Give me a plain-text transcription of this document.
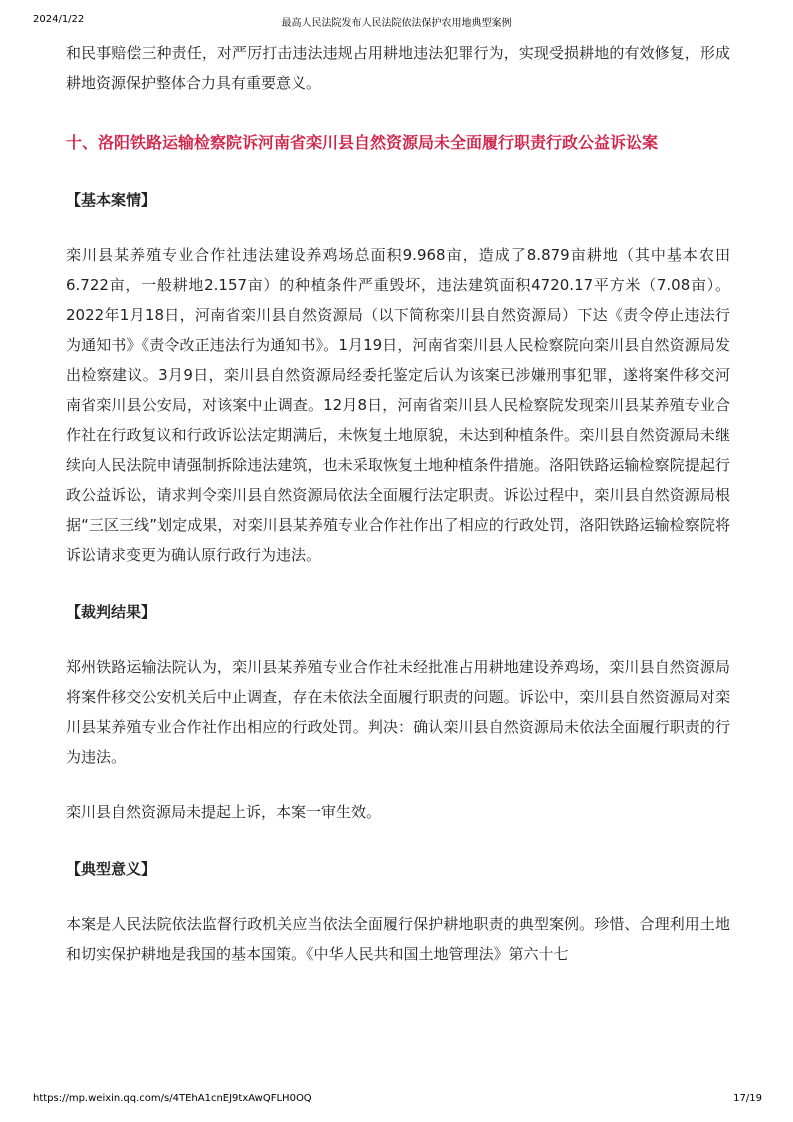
2024/1/22	最高人民法院发布人民法院依法保护农用地典型案例

和民事赔偿三种责任，对严厉打击违法违规占用耕地违法犯罪行为，实现受损耕地的有效修复，形成耕地资源保护整体合力具有重要意义。

十、洛阳铁路运输检察院诉河南省栾川县自然资源局未全面履行职责行政公益诉讼案

【基本案情】

栾川县某养殖专业合作社违法建设养鸡场总面积9.968亩，造成了8.879亩耕地（其中基本农田6.722亩，一般耕地2.157亩）的种植条件严重毁坏，违法建筑面积4720.17平方米（7.08亩）。2022年1月18日，河南省栾川县自然资源局（以下简称栾川县自然资源局）下达《责令停止违法行为通知书》《责令改正违法行为通知书》。1月19日，河南省栾川县人民检察院向栾川县自然资源局发出检察建议。3月9日，栾川县自然资源局经委托鉴定后认为该案已涉嫌刑事犯罪，遂将案件移交河南省栾川县公安局，对该案中止调查。12月8日，河南省栾川县人民检察院发现栾川县某养殖专业合作社在行政复议和行政诉讼法定期满后，未恢复土地原貌，未达到种植条件。栾川县自然资源局未继续向人民法院申请强制拆除违法建筑，也未采取恢复土地种植条件措施。洛阳铁路运输检察院提起行政公益诉讼，请求判令栾川县自然资源局依法全面履行法定职责。诉讼过程中，栾川县自然资源局根据“三区三线”划定成果，对栾川县某养殖专业合作社作出了相应的行政处罚，洛阳铁路运输检察院将诉讼请求变更为确认原行政行为违法。

【裁判结果】

郑州铁路运输法院认为，栾川县某养殖专业合作社未经批准占用耕地建设养鸡场，栾川县自然资源局将案件移交公安机关后中止调查，存在未依法全面履行职责的问题。诉讼中，栾川县自然资源局对栾川县某养殖专业合作社作出相应的行政处罚。判决：确认栾川县自然资源局未依法全面履行职责的行为违法。

栾川县自然资源局未提起上诉，本案一审生效。

【典型意义】

本案是人民法院依法监督行政机关应当依法全面履行保护耕地职责的典型案例。珍惜、合理利用土地和切实保护耕地是我国的基本国策。《中华人民共和国土地管理法》第六十七

https://mp.weixin.qq.com/s/4TEhA1cnEJ9txAwQFLH0OQ	17/19
